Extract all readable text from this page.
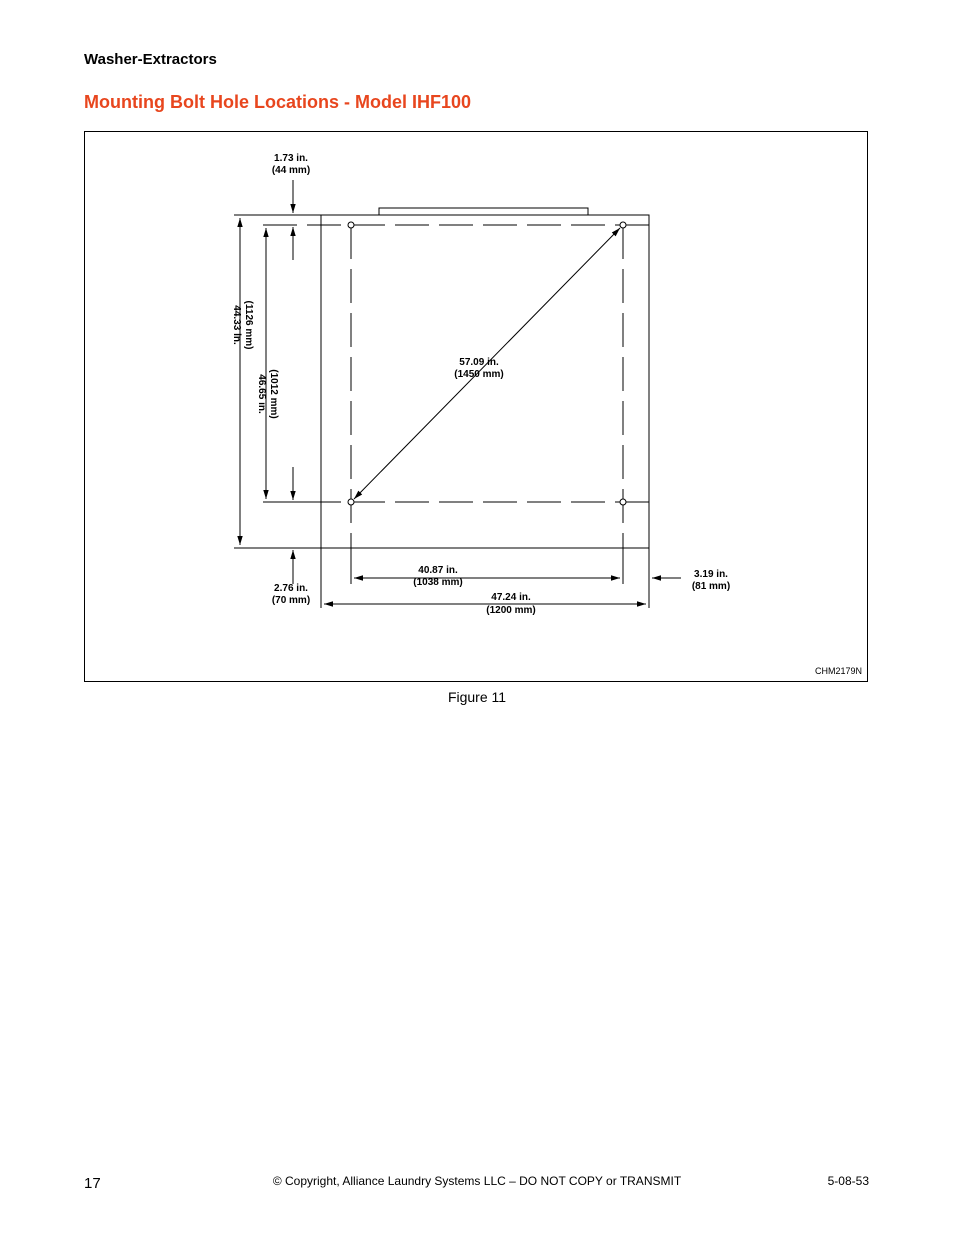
Washer-Extractors
Mounting Bolt Hole Locations - Model IHF100
1.73 in.
(44 mm)
2.76 in.
(70 mm)
44.33 in. (1126 mm)
46.65 in. (1012 mm)
57.09 in.
(1450 mm)
40.87 in.
(1038 mm)
47.24 in.
(1200 mm)
3.19 in.
(81 mm)
CHM2179N
Figure 11
17	© Copyright, Alliance Laundry Systems LLC – DO NOT COPY or TRANSMIT	5-08-53
